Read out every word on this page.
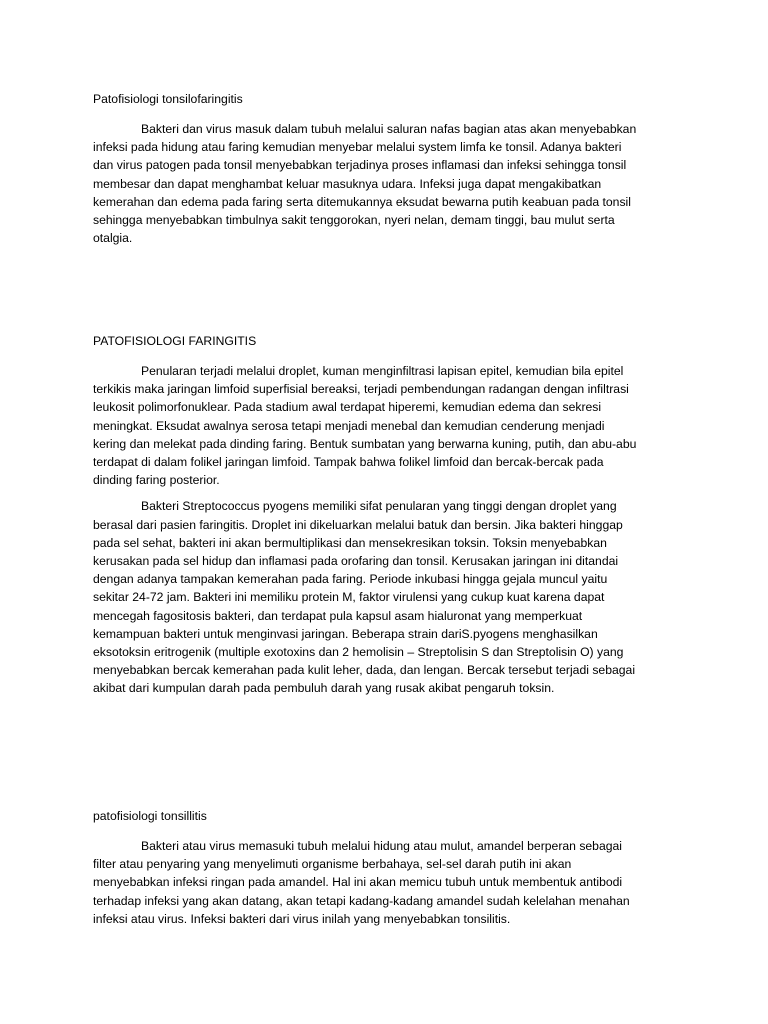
Patofisiologi tonsilofaringitis

Bakteri dan virus masuk dalam tubuh melalui saluran nafas bagian atas akan menyebabkan
infeksi pada hidung atau faring kemudian menyebar melalui system limfa ke tonsil. Adanya bakteri
dan virus patogen pada tonsil menyebabkan terjadinya proses inflamasi dan infeksi sehingga tonsil
membesar dan dapat menghambat keluar masuknya udara. Infeksi juga dapat mengakibatkan
kemerahan dan edema pada faring serta ditemukannya eksudat bewarna putih keabuan pada tonsil
sehingga menyebabkan timbulnya sakit tenggorokan, nyeri nelan, demam tinggi, bau mulut serta
otalgia.

PATOFISIOLOGI FARINGITIS

Penularan terjadi melalui droplet, kuman menginfiltrasi lapisan epitel, kemudian bila epitel
terkikis maka jaringan limfoid superfisial bereaksi, terjadi pembendungan radangan dengan infiltrasi
leukosit polimorfonuklear. Pada stadium awal terdapat hiperemi, kemudian edema dan sekresi
meningkat. Eksudat awalnya serosa tetapi menjadi menebal dan kemudian cenderung menjadi
kering dan melekat pada dinding faring. Bentuk sumbatan yang berwarna kuning, putih, dan abu-abu
terdapat di dalam folikel jaringan limfoid. Tampak bahwa folikel limfoid dan bercak-bercak pada
dinding faring posterior.

Bakteri Streptococcus pyogens memiliki sifat penularan yang tinggi dengan droplet yang
berasal dari pasien faringitis. Droplet ini dikeluarkan melalui batuk dan bersin. Jika bakteri hinggap
pada sel sehat, bakteri ini akan bermultiplikasi dan mensekresikan toksin. Toksin menyebabkan
kerusakan pada sel hidup dan inflamasi pada orofaring dan tonsil. Kerusakan jaringan ini ditandai
dengan adanya tampakan kemerahan pada faring. Periode inkubasi hingga gejala muncul yaitu
sekitar 24-72 jam. Bakteri ini memiliku protein M, faktor virulensi yang cukup kuat karena dapat
mencegah fagositosis bakteri, dan terdapat pula kapsul asam hialuronat yang memperkuat
kemampuan bakteri untuk menginvasi jaringan. Beberapa strain dariS.pyogens menghasilkan
eksotoksin eritrogenik (multiple exotoxins dan 2 hemolisin – Streptolisin S dan Streptolisin O) yang
menyebabkan bercak kemerahan pada kulit leher, dada, dan lengan. Bercak tersebut terjadi sebagai
akibat dari kumpulan darah pada pembuluh darah yang rusak akibat pengaruh toksin.

patofisiologi tonsillitis

Bakteri atau virus memasuki tubuh melalui hidung atau mulut, amandel berperan sebagai
filter atau penyaring yang menyelimuti organisme berbahaya, sel-sel darah putih ini akan
menyebabkan infeksi ringan pada amandel. Hal ini akan memicu tubuh untuk membentuk antibodi
terhadap infeksi yang akan datang, akan tetapi kadang-kadang amandel sudah kelelahan menahan
infeksi atau virus. Infeksi bakteri dari virus inilah yang menyebabkan tonsilitis.
